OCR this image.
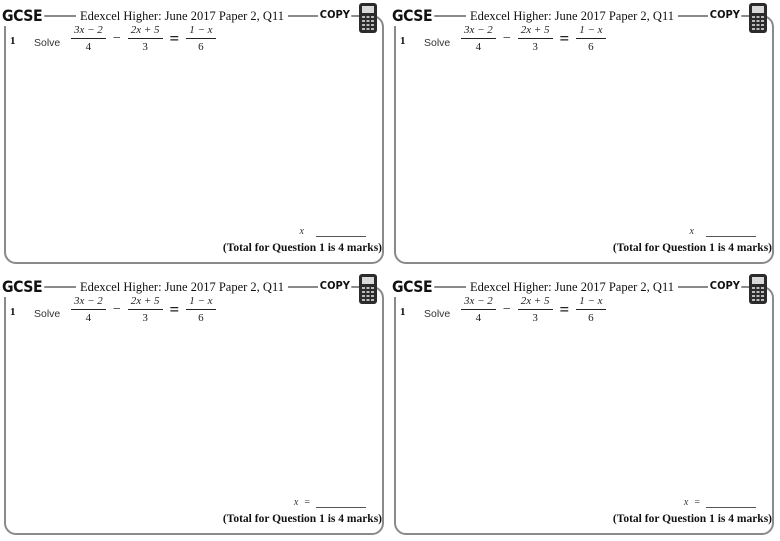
GCSE	Edexcel Higher: June 2017 Paper 2, Q11	COPY
1 Solve $\frac{3x - 2}{4} - \frac{2x + 5}{3} = \frac{1 - x}{6}$
x
(Total for Question 1 is 4 marks)
GCSE	Edexcel Higher: June 2017 Paper 2, Q11	COPY
1 Solve $\frac{3x - 2}{4} - \frac{2x + 5}{3} = \frac{1 - x}{6}$
x
(Total for Question 1 is 4 marks)
GCSE	Edexcel Higher: June 2017 Paper 2, Q11	COPY
1 Solve $\frac{3x - 2}{4} - \frac{2x + 5}{3} = \frac{1 - x}{6}$
x =
(Total for Question 1 is 4 marks)
GCSE	Edexcel Higher: June 2017 Paper 2, Q11	COPY
1 Solve $\frac{3x - 2}{4} - \frac{2x + 5}{3} = \frac{1 - x}{6}$
x =
(Total for Question 1 is 4 marks)
